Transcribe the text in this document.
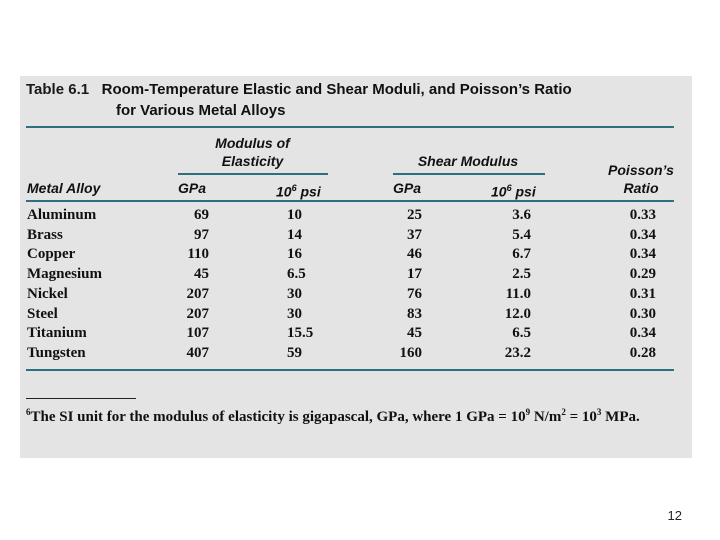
Table 6.1 Room-Temperature Elastic and Shear Moduli, and Poisson’s Ratio
for Various Metal Alloys
Modulus of
Elasticity	Shear Modulus
Poisson’s
Ratio
Metal Alloy	GPa	$10^6$ psi	GPa	$10^6$ psi
Aluminum	69	10	25	3.6	0.33
Brass	97	14	37	5.4	0.34
Copper	110	16	46	6.7	0.34
Magnesium	45	6.5	17	2.5	0.29
Nickel	207	30	76	11.0	0.31
Steel	207	30	83	12.0	0.30
Titanium	107	15.5	45	6.5	0.34
Tungsten	407	59	160	23.2	0.28
$^6$The SI unit for the modulus of elasticity is gigapascal, GPa, where 1 GPa = $10^9$ $N/m^2 = 10^3$ MPa.
12
